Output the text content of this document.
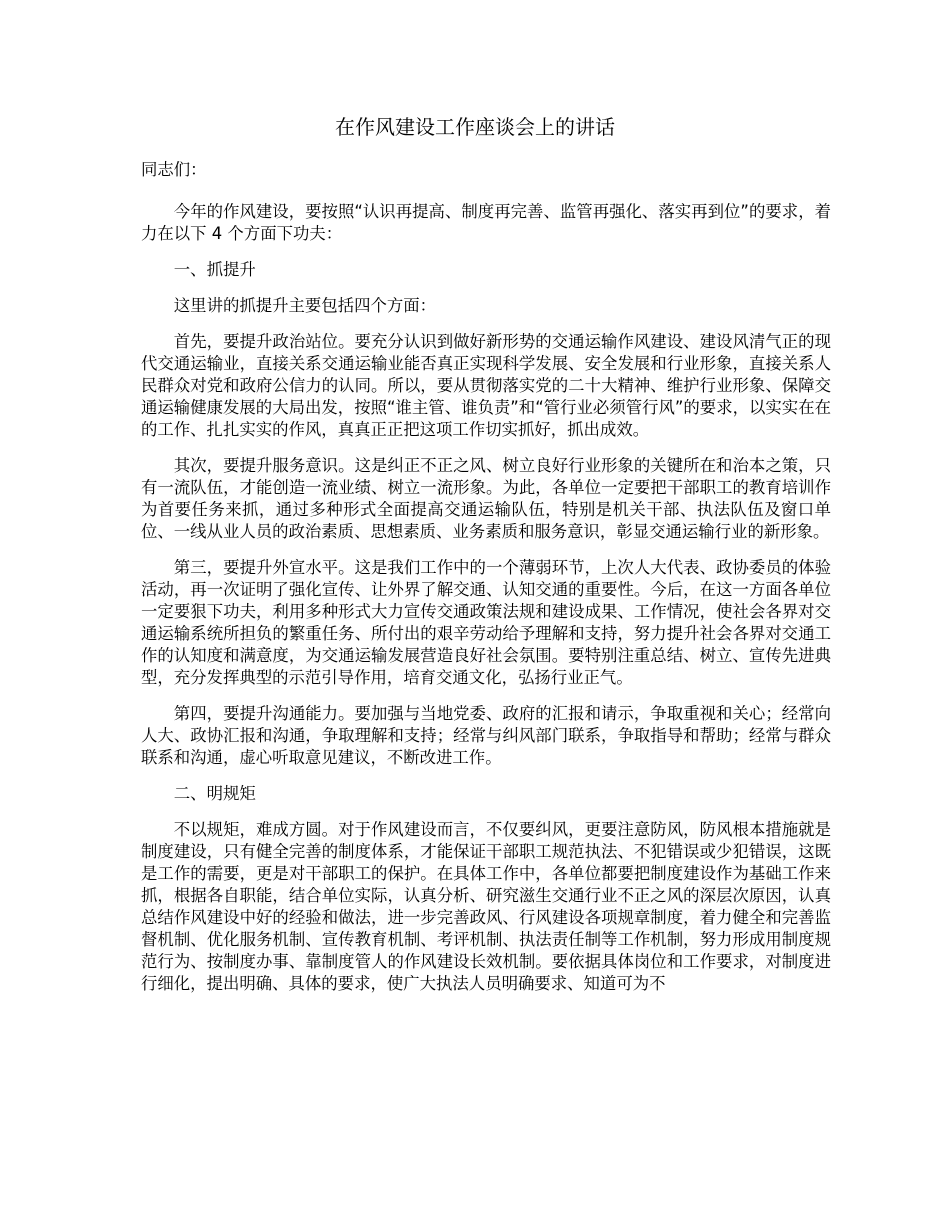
在作风建设工作座谈会上的讲话

同志们：

今年的作风建设，要按照“认识再提高、制度再完善、监管再强化、落实再到位”的要求，着力在以下 4 个方面下功夫：

一、抓提升

这里讲的抓提升主要包括四个方面：

首先，要提升政治站位。要充分认识到做好新形势的交通运输作风建设、建设风清气正的现代交通运输业，直接关系交通运输业能否真正实现科学发展、安全发展和行业形象，直接关系人民群众对党和政府公信力的认同。所以，要从贯彻落实党的二十大精神、维护行业形象、保障交通运输健康发展的大局出发，按照“谁主管、谁负责”和“管行业必须管行风”的要求，以实实在在的工作、扎扎实实的作风，真真正正把这项工作切实抓好，抓出成效。

其次，要提升服务意识。这是纠正不正之风、树立良好行业形象的关键所在和治本之策，只有一流队伍，才能创造一流业绩、树立一流形象。为此，各单位一定要把干部职工的教育培训作为首要任务来抓，通过多种形式全面提高交通运输队伍，特别是机关干部、执法队伍及窗口单位、一线从业人员的政治素质、思想素质、业务素质和服务意识，彰显交通运输行业的新形象。

第三，要提升外宣水平。这是我们工作中的一个薄弱环节，上次人大代表、政协委员的体验活动，再一次证明了强化宣传、让外界了解交通、认知交通的重要性。今后，在这一方面各单位一定要狠下功夫，利用多种形式大力宣传交通政策法规和建设成果、工作情况，使社会各界对交通运输系统所担负的繁重任务、所付出的艰辛劳动给予理解和支持，努力提升社会各界对交通工作的认知度和满意度，为交通运输发展营造良好社会氛围。要特别注重总结、树立、宣传先进典型，充分发挥典型的示范引导作用，培育交通文化，弘扬行业正气。

第四，要提升沟通能力。要加强与当地党委、政府的汇报和请示，争取重视和关心；经常向人大、政协汇报和沟通，争取理解和支持；经常与纠风部门联系，争取指导和帮助；经常与群众联系和沟通，虚心听取意见建议，不断改进工作。

二、明规矩

不以规矩，难成方圆。对于作风建设而言，不仅要纠风，更要注意防风，防风根本措施就是制度建设，只有健全完善的制度体系，才能保证干部职工规范执法、不犯错误或少犯错误，这既是工作的需要，更是对干部职工的保护。在具体工作中，各单位都要把制度建设作为基础工作来抓，根据各自职能，结合单位实际，认真分析、研究滋生交通行业不正之风的深层次原因，认真总结作风建设中好的经验和做法，进一步完善政风、行风建设各项规章制度，着力健全和完善监督机制、优化服务机制、宣传教育机制、考评机制、执法责任制等工作机制，努力形成用制度规范行为、按制度办事、靠制度管人的作风建设长效机制。要依据具体岗位和工作要求，对制度进行细化，提出明确、具体的要求，使广大执法人员明确要求、知道可为不
